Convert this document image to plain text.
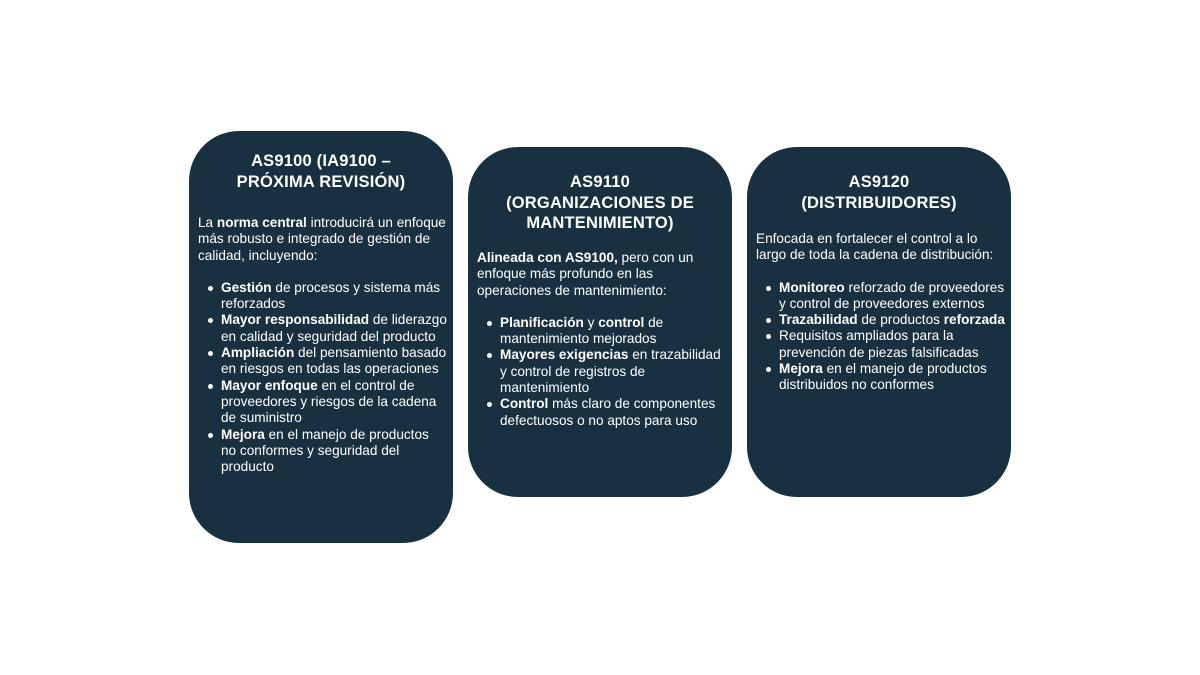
AS9100 (IA9100 –
PRÓXIMA REVISIÓN)

La norma central introducirá un enfoque más robusto e integrado de gestión de calidad, incluyendo:

Gestión de procesos y sistema más reforzados
Mayor responsabilidad de liderazgo en calidad y seguridad del producto
Ampliación del pensamiento basado en riesgos en todas las operaciones
Mayor enfoque en el control de proveedores y riesgos de la cadena de suministro
Mejora en el manejo de productos no conformes y seguridad del producto
AS9110
(ORGANIZACIONES DE
MANTENIMIENTO)

Alineada con AS9100, pero con un enfoque más profundo en las operaciones de mantenimiento:

Planificación y control de mantenimiento mejorados
Mayores exigencias en trazabilidad y control de registros de mantenimiento
Control más claro de componentes defectuosos o no aptos para uso
AS9120
(DISTRIBUIDORES)

Enfocada en fortalecer el control a lo largo de toda la cadena de distribución:

Monitoreo reforzado de proveedores y control de proveedores externos
Trazabilidad de productos reforzada
Requisitos ampliados para la prevención de piezas falsificadas
Mejora en el manejo de productos distribuidos no conformes
